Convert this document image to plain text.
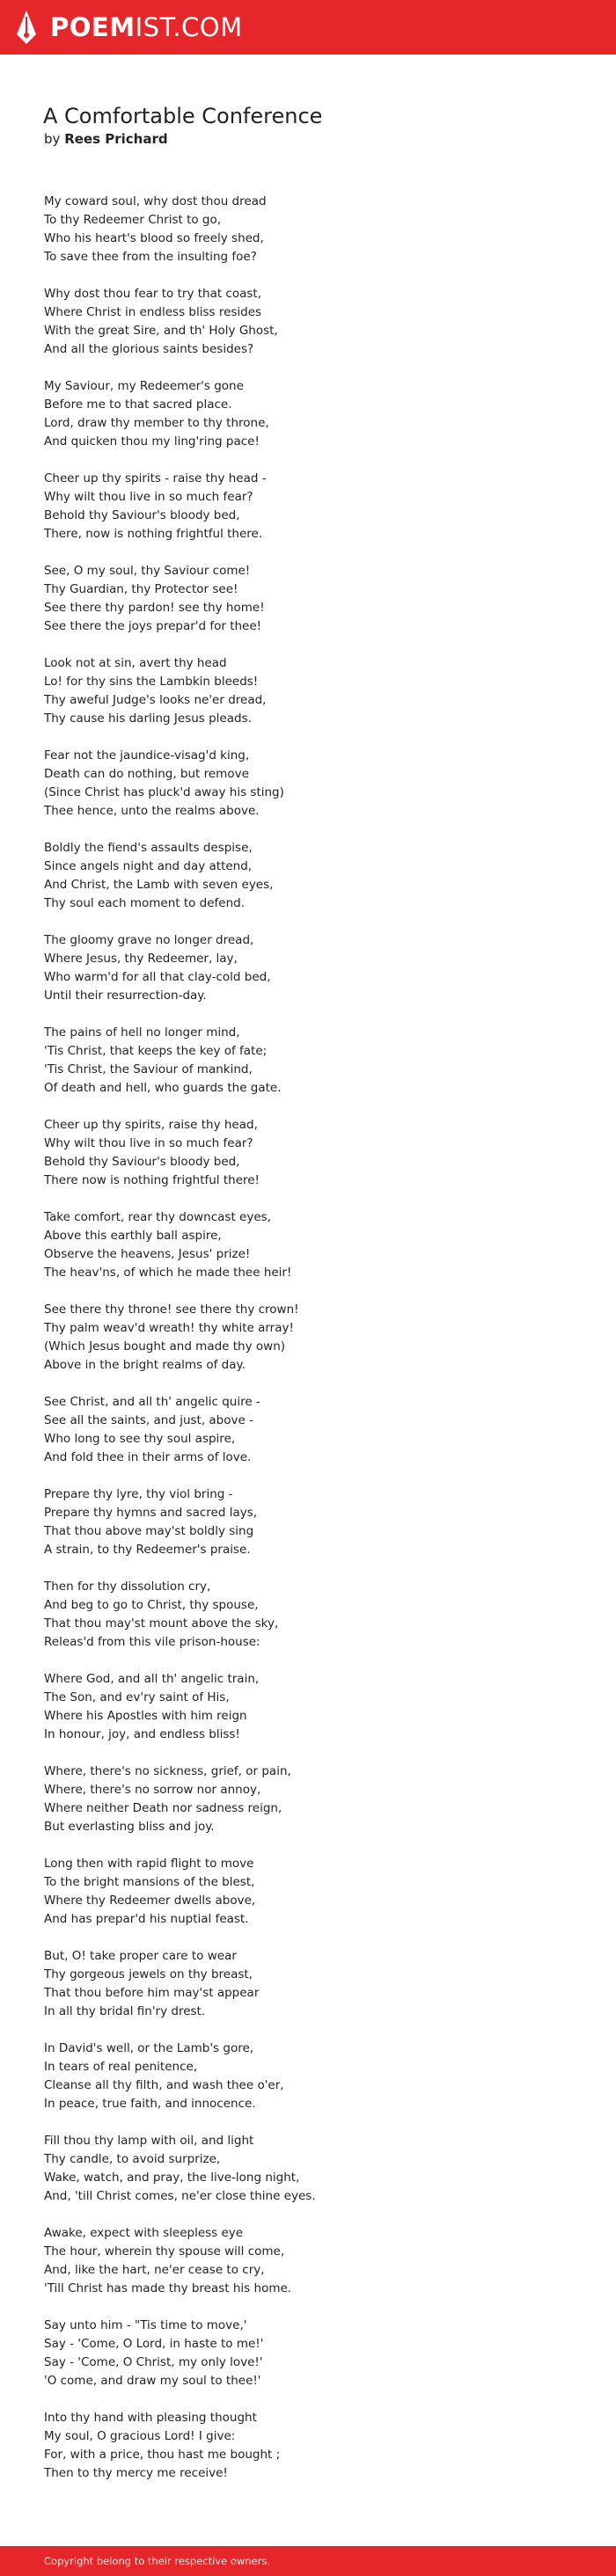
POEMIST.COM
A Comfortable Conference
by Rees Prichard
My coward soul, why dost thou dread
To thy Redeemer Christ to go,
Who his heart's blood so freely shed,
To save thee from the insulting foe?
Why dost thou fear to try that coast,
Where Christ in endless bliss resides
With the great Sire, and th' Holy Ghost,
And all the glorious saints besides?
My Saviour, my Redeemer's gone
Before me to that sacred place.
Lord, draw thy member to thy throne,
And quicken thou my ling'ring pace!
Cheer up thy spirits - raise thy head -
Why wilt thou live in so much fear?
Behold thy Saviour's bloody bed,
There, now is nothing frightful there.
See, O my soul, thy Saviour come!
Thy Guardian, thy Protector see!
See there thy pardon! see thy home!
See there the joys prepar'd for thee!
Look not at sin, avert thy head
Lo! for thy sins the Lambkin bleeds!
Thy aweful Judge's looks ne'er dread,
Thy cause his darling Jesus pleads.
Fear not the jaundice-visag'd king,
Death can do nothing, but remove
(Since Christ has pluck'd away his sting)
Thee hence, unto the realms above.
Boldly the fiend's assaults despise,
Since angels night and day attend,
And Christ, the Lamb with seven eyes,
Thy soul each moment to defend.
The gloomy grave no longer dread,
Where Jesus, thy Redeemer, lay,
Who warm'd for all that clay-cold bed,
Until their resurrection-day.
The pains of hell no longer mind,
'Tis Christ, that keeps the key of fate;
'Tis Christ, the Saviour of mankind,
Of death and hell, who guards the gate.
Cheer up thy spirits, raise thy head,
Why wilt thou live in so much fear?
Behold thy Saviour's bloody bed,
There now is nothing frightful there!
Take comfort, rear thy downcast eyes,
Above this earthly ball aspire,
Observe the heavens, Jesus' prize!
The heav'ns, of which he made thee heir!
See there thy throne! see there thy crown!
Thy palm weav'd wreath! thy white array!
(Which Jesus bought and made thy own)
Above in the bright realms of day.
See Christ, and all th' angelic quire -
See all the saints, and just, above -
Who long to see thy soul aspire,
And fold thee in their arms of love.
Prepare thy lyre, thy viol bring -
Prepare thy hymns and sacred lays,
That thou above may'st boldly sing
A strain, to thy Redeemer's praise.
Then for thy dissolution cry,
And beg to go to Christ, thy spouse,
That thou may'st mount above the sky,
Releas'd from this vile prison-house:
Where God, and all th' angelic train,
The Son, and ev'ry saint of His,
Where his Apostles with him reign
In honour, joy, and endless bliss!
Where, there's no sickness, grief, or pain,
Where, there's no sorrow nor annoy,
Where neither Death nor sadness reign,
But everlasting bliss and joy.
Long then with rapid flight to move
To the bright mansions of the blest,
Where thy Redeemer dwells above,
And has prepar'd his nuptial feast.
But, O! take proper care to wear
Thy gorgeous jewels on thy breast,
That thou before him may'st appear
In all thy bridal fin'ry drest.
In David's well, or the Lamb's gore,
In tears of real penitence,
Cleanse all thy filth, and wash thee o'er,
In peace, true faith, and innocence.
Fill thou thy lamp with oil, and light
Thy candle, to avoid surprize,
Wake, watch, and pray, the live-long night,
And, 'till Christ comes, ne'er close thine eyes.
Awake, expect with sleepless eye
The hour, wherein thy spouse will come,
And, like the hart, ne'er cease to cry,
'Till Christ has made thy breast his home.
Say unto him - "Tis time to move,'
Say - 'Come, O Lord, in haste to me!'
Say - 'Come, O Christ, my only love!'
'O come, and draw my soul to thee!'
Into thy hand with pleasing thought
My soul, O gracious Lord! I give:
For, with a price, thou hast me bought ;
Then to thy mercy me receive!
Copyright belong to their respective owners.
